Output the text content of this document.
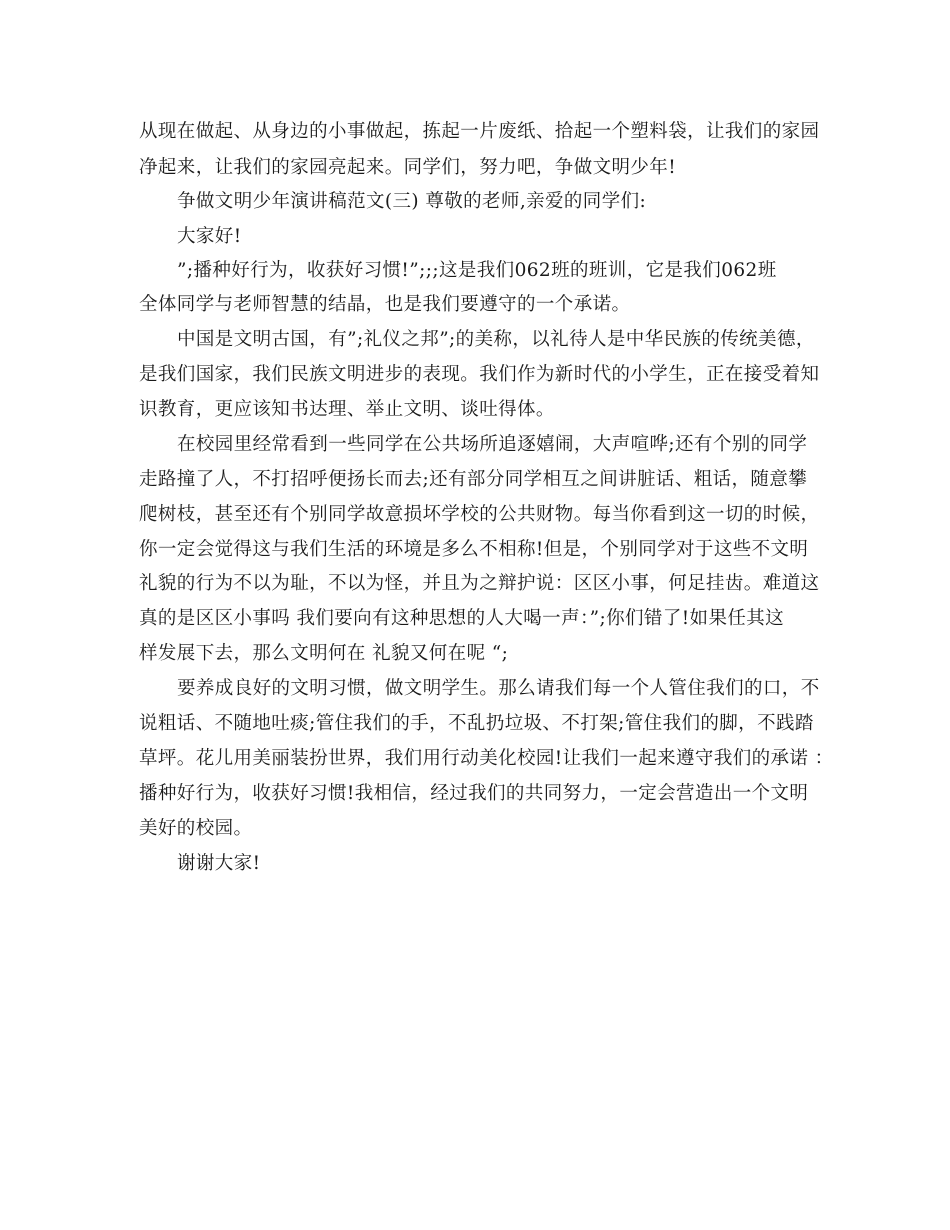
从现在做起、从身边的小事做起，拣起一片废纸、拾起一个塑料袋，让我们的家园
净起来，让我们的家园亮起来。同学们，努力吧，争做文明少年!
争做文明少年演讲稿范文(三) 尊敬的老师,亲爱的同学们:
大家好!
”;播种好行为，收获好习惯!”;;;这是我们062班的班训，它是我们062班
全体同学与老师智慧的结晶，也是我们要遵守的一个承诺。
中国是文明古国，有”;礼仪之邦”;的美称，以礼待人是中华民族的传统美德，
是我们国家，我们民族文明进步的表现。我们作为新时代的小学生，正在接受着知
识教育，更应该知书达理、举止文明、谈吐得体。
在校园里经常看到一些同学在公共场所追逐嬉闹，大声喧哗;还有个别的同学
走路撞了人，不打招呼便扬长而去;还有部分同学相互之间讲脏话、粗话，随意攀
爬树枝，甚至还有个别同学故意损坏学校的公共财物。每当你看到这一切的时候，
你一定会觉得这与我们生活的环境是多么不相称!但是，个别同学对于这些不文明
礼貌的行为不以为耻，不以为怪，并且为之辩护说：区区小事，何足挂齿。难道这
真的是区区小事吗 我们要向有这种思想的人大喝一声：”;你们错了!如果任其这
样发展下去，那么文明何在 礼貌又何在呢 “;
要养成良好的文明习惯，做文明学生。那么请我们每一个人管住我们的口，不
说粗话、不随地吐痰;管住我们的手，不乱扔垃圾、不打架;管住我们的脚，不践踏
草坪。花儿用美丽装扮世界，我们用行动美化校园!让我们一起来遵守我们的承诺 ：
播种好行为，收获好习惯!我相信，经过我们的共同努力，一定会营造出一个文明
美好的校园。
谢谢大家!
